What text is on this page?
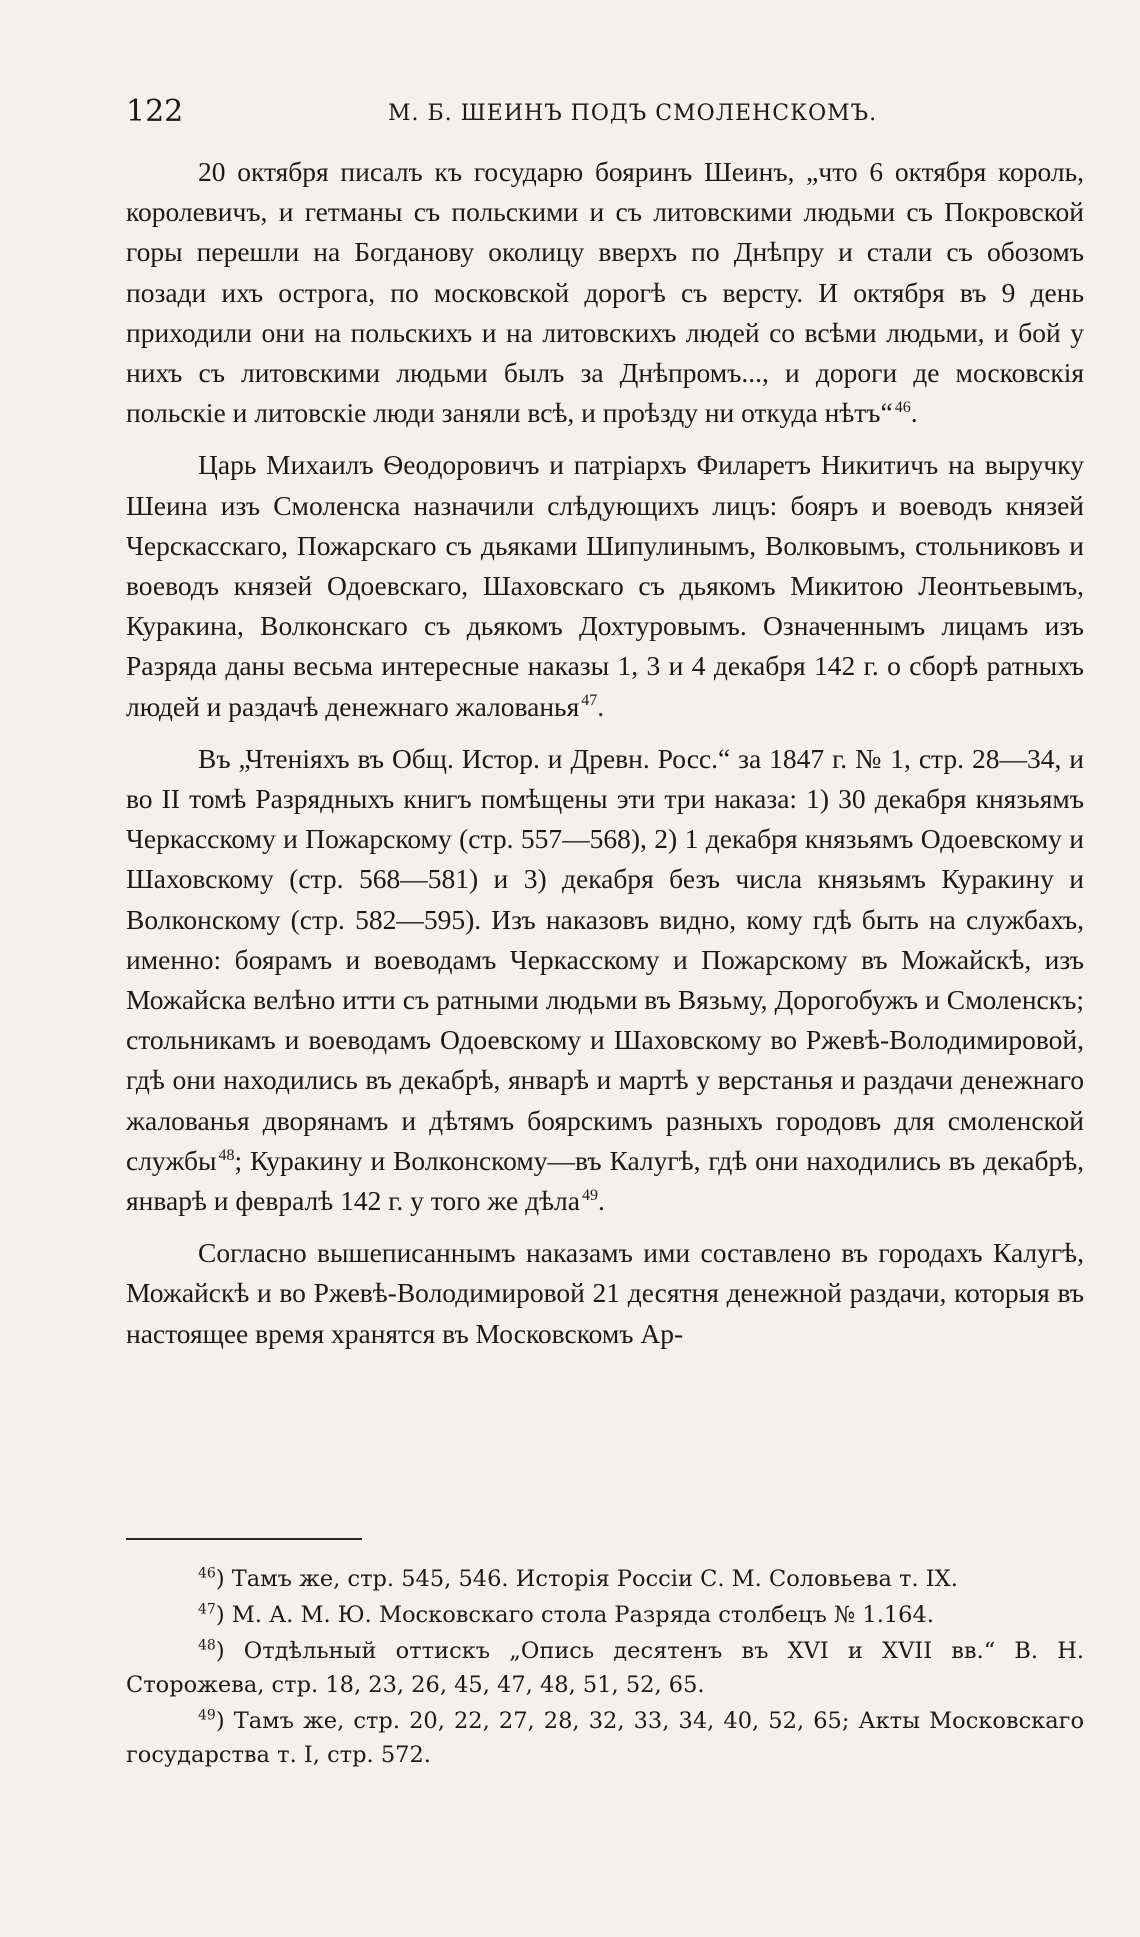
122	М. Б. ШЕИНЪ ПОДЪ СМОЛЕНСКОМЪ.

20 октября писалъ къ государю бояринъ Шеинъ, „что 6 октября король, королевичъ, и гетманы съ польскими и съ литовскими людьми съ Покровской горы перешли на Богданову околицу вверхъ по Днѣпру и стали съ обозомъ позади ихъ острога, по московской дорогѣ съ версту. И октября въ 9 день приходили они на польскихъ и на литовскихъ людей со всѣми людьми, и бой у нихъ съ литовскими людьми былъ за Днѣпромъ..., и дороги де московскія польскіе и литовскіе люди заняли всѣ, и проѣзду ни откуда нѣтъ“ $^{46}$.

Царь Михаилъ Ѳеодоровичъ и патріархъ Филаретъ Никитичъ на выручку Шеина изъ Смоленска назначили слѣдующихъ лицъ: бояръ и воеводъ князей Черскасскаго, Пожарскаго съ дьяками Шипулинымъ, Волковымъ, стольниковъ и воеводъ князей Одоевскаго, Шаховскаго съ дьякомъ Микитою Леонтьевымъ, Куракина, Волконскаго съ дьякомъ Дохтуровымъ. Означеннымъ лицамъ изъ Разряда даны весьма интересные наказы 1, 3 и 4 декабря 142 г. о сборѣ ратныхъ людей и раздачѣ денежнаго жалованья $^{47}$.

Въ „Чтеніяхъ въ Общ. Истор. и Древн. Росс.“ за 1847 г. № 1, стр. 28—34, и во II томѣ Разрядныхъ книгъ помѣщены эти три наказа: 1) 30 декабря князьямъ Черкасскому и Пожарскому (стр. 557—568), 2) 1 декабря князьямъ Одоевскому и Шаховскому (стр. 568—581) и 3) декабря безъ числа князьямъ Куракину и Волконскому (стр. 582—595). Изъ наказовъ видно, кому гдѣ быть на службахъ, именно: боярамъ и воеводамъ Черкасскому и Пожарскому въ Можайскѣ, изъ Можайска велѣно итти съ ратными людьми въ Вязьму, Дорогобужъ и Смоленскъ; стольникамъ и воеводамъ Одоевскому и Шаховскому во Ржевѣ-Володимировой, гдѣ они находились въ декабрѣ, январѣ и мартѣ у верстанья и раздачи денежнаго жалованья дворянамъ и дѣтямъ боярскимъ разныхъ городовъ для смоленской службы $^{48}$; Куракину и Волконскому—въ Калугѣ, гдѣ они находились въ декабрѣ, январѣ и февралѣ 142 г. у того же дѣла $^{49}$.

Согласно вышеписаннымъ наказамъ ими составлено въ городахъ Калугѣ, Можайскѣ и во Ржевѣ-Володимировой 21 десятня денежной раздачи, которыя въ настоящее время хранятся въ Московскомъ Ар-

$^{46}$) Тамъ же, стр. 545, 546. Исторія Россіи С. М. Соловьева т. IX.
$^{47}$) М. А. М. Ю. Московскаго стола Разряда столбецъ № 1.164.
$^{48}$) Отдѣльный оттискъ „Опись десятенъ въ XVI и XVII вв.“ В. Н. Сторожева, стр. 18, 23, 26, 45, 47, 48, 51, 52, 65.
$^{49}$) Тамъ же, стр. 20, 22, 27, 28, 32, 33, 34, 40, 52, 65; Акты Московскаго государства т. I, стр. 572.
